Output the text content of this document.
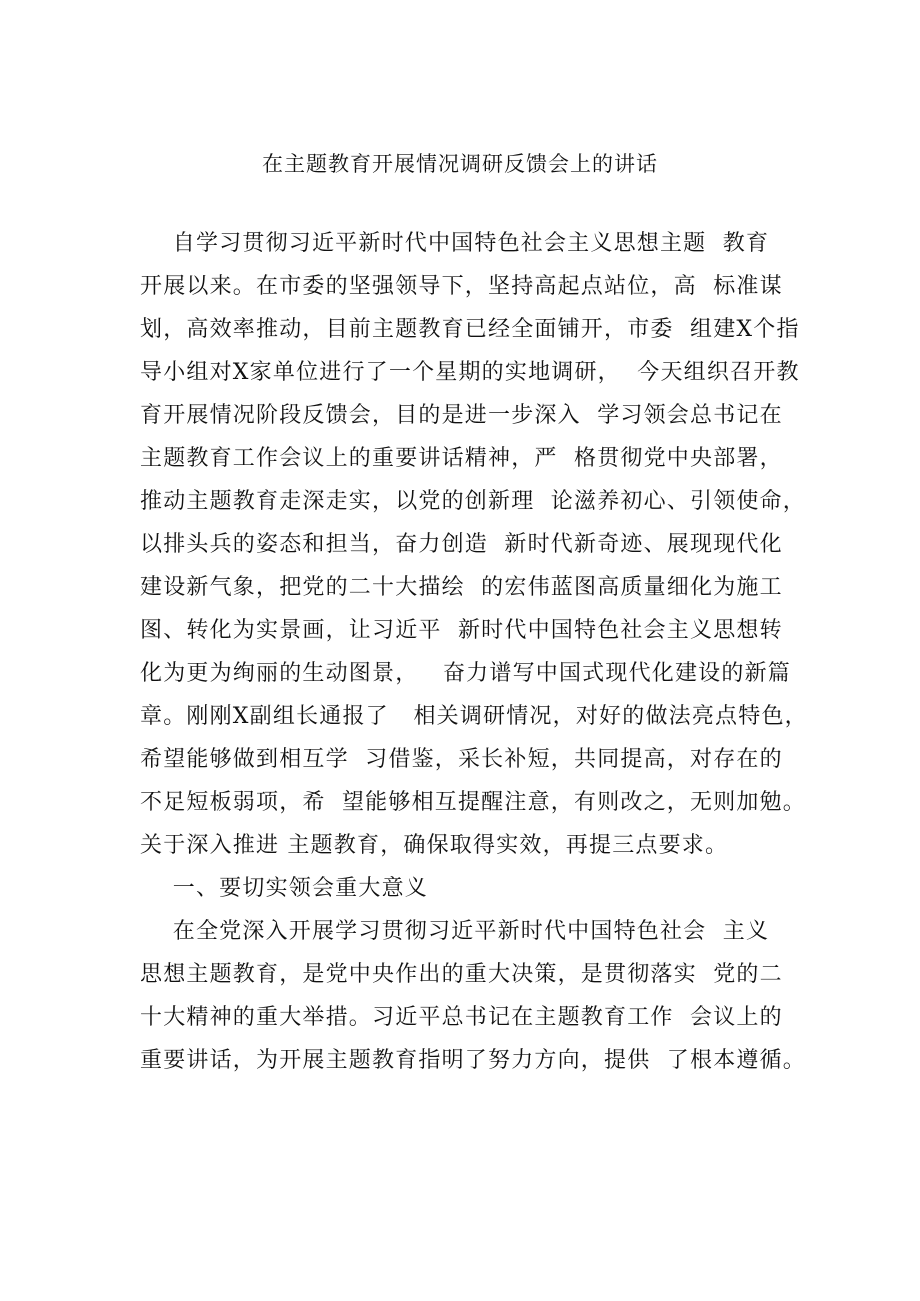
在主题教育开展情况调研反馈会上的讲话
自学习贯彻习近平新时代中国特色社会主义思想主题  教育
开展以来。在市委的坚强领导下，坚持高起点站位，高  标准谋
划，高效率推动，目前主题教育已经全面铺开，市委  组建X个指
导小组对X家单位进行了一个星期的实地调研，  今天组织召开教
育开展情况阶段反馈会，目的是进一步深入  学习领会总书记在
主题教育工作会议上的重要讲话精神，严  格贯彻党中央部署，
推动主题教育走深走实，以党的创新理  论滋养初心、引领使命，
以排头兵的姿态和担当，奋力创造  新时代新奇迹、展现现代化
建设新气象，把党的二十大描绘  的宏伟蓝图高质量细化为施工
图、转化为实景画，让习近平  新时代中国特色社会主义思想转
化为更为绚丽的生动图景，   奋力谱写中国式现代化建设的新篇
章。刚刚X副组长通报了   相关调研情况，对好的做法亮点特色，
希望能够做到相互学  习借鉴，采长补短，共同提高，对存在的
不足短板弱项，希  望能够相互提醒注意，有则改之，无则加勉。
关于深入推进 主题教育，确保取得实效，再提三点要求。
一、要切实领会重大意义
在全党深入开展学习贯彻习近平新时代中国特色社会  主义
思想主题教育，是党中央作出的重大决策，是贯彻落实  党的二
十大精神的重大举措。习近平总书记在主题教育工作  会议上的
重要讲话，为开展主题教育指明了努力方向，提供  了根本遵循。
